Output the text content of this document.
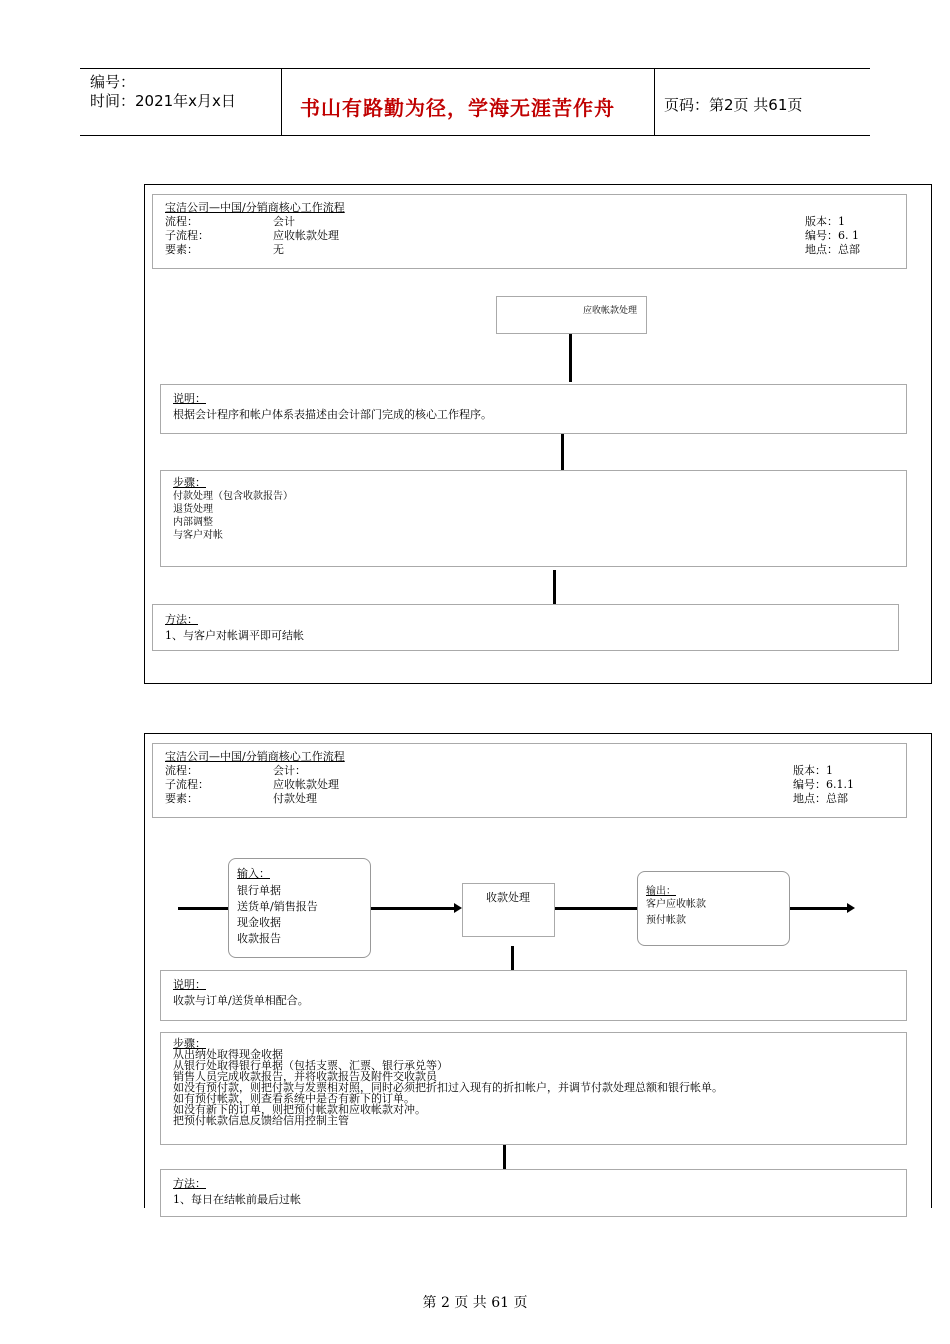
编号：
时间：2021年x月x日	书山有路勤为径，学海无涯苦作舟	页码：第2页 共61页
宝洁公司—中国/分销商核心工作流程
流程：	会计	版本：1
子流程：	应收帐款处理	编号：6. 1
要素：	无	地点：总部
应收帐款处理
说明：
根据会计程序和帐户体系表描述由会计部门完成的核心工作程序。
步骤：
付款处理（包含收款报告）
退货处理
内部调整
与客户对帐
方法：
1、与客户对帐调平即可结帐
宝洁公司—中国/分销商核心工作流程
流程：	会计：	版本：1
子流程：	应收帐款处理	编号：6.1.1
要素：	付款处理	地点：总部
输入：
银行单据
送货单/销售报告
现金收据
收款报告
收款处理	输出：
客户应收帐款
预付帐款
说明：
收款与订单/送货单相配合。
步骤：
从出纳处取得现金收据
从银行处取得银行单据（包括支票、汇票、银行承兑等）
销售人员完成收款报告，并将收款报告及附件交收款员
如没有预付款，则把付款与发票相对照，同时必须把折扣过入现有的折扣帐户，并调节付款处理总额和银行帐单。
如有预付帐款，则查看系统中是否有新下的订单。
如没有新下的订单，则把预付帐款和应收帐款对冲。
把预付帐款信息反馈给信用控制主管
方法：
1、每日在结帐前最后过帐
第 2 页 共 61 页
